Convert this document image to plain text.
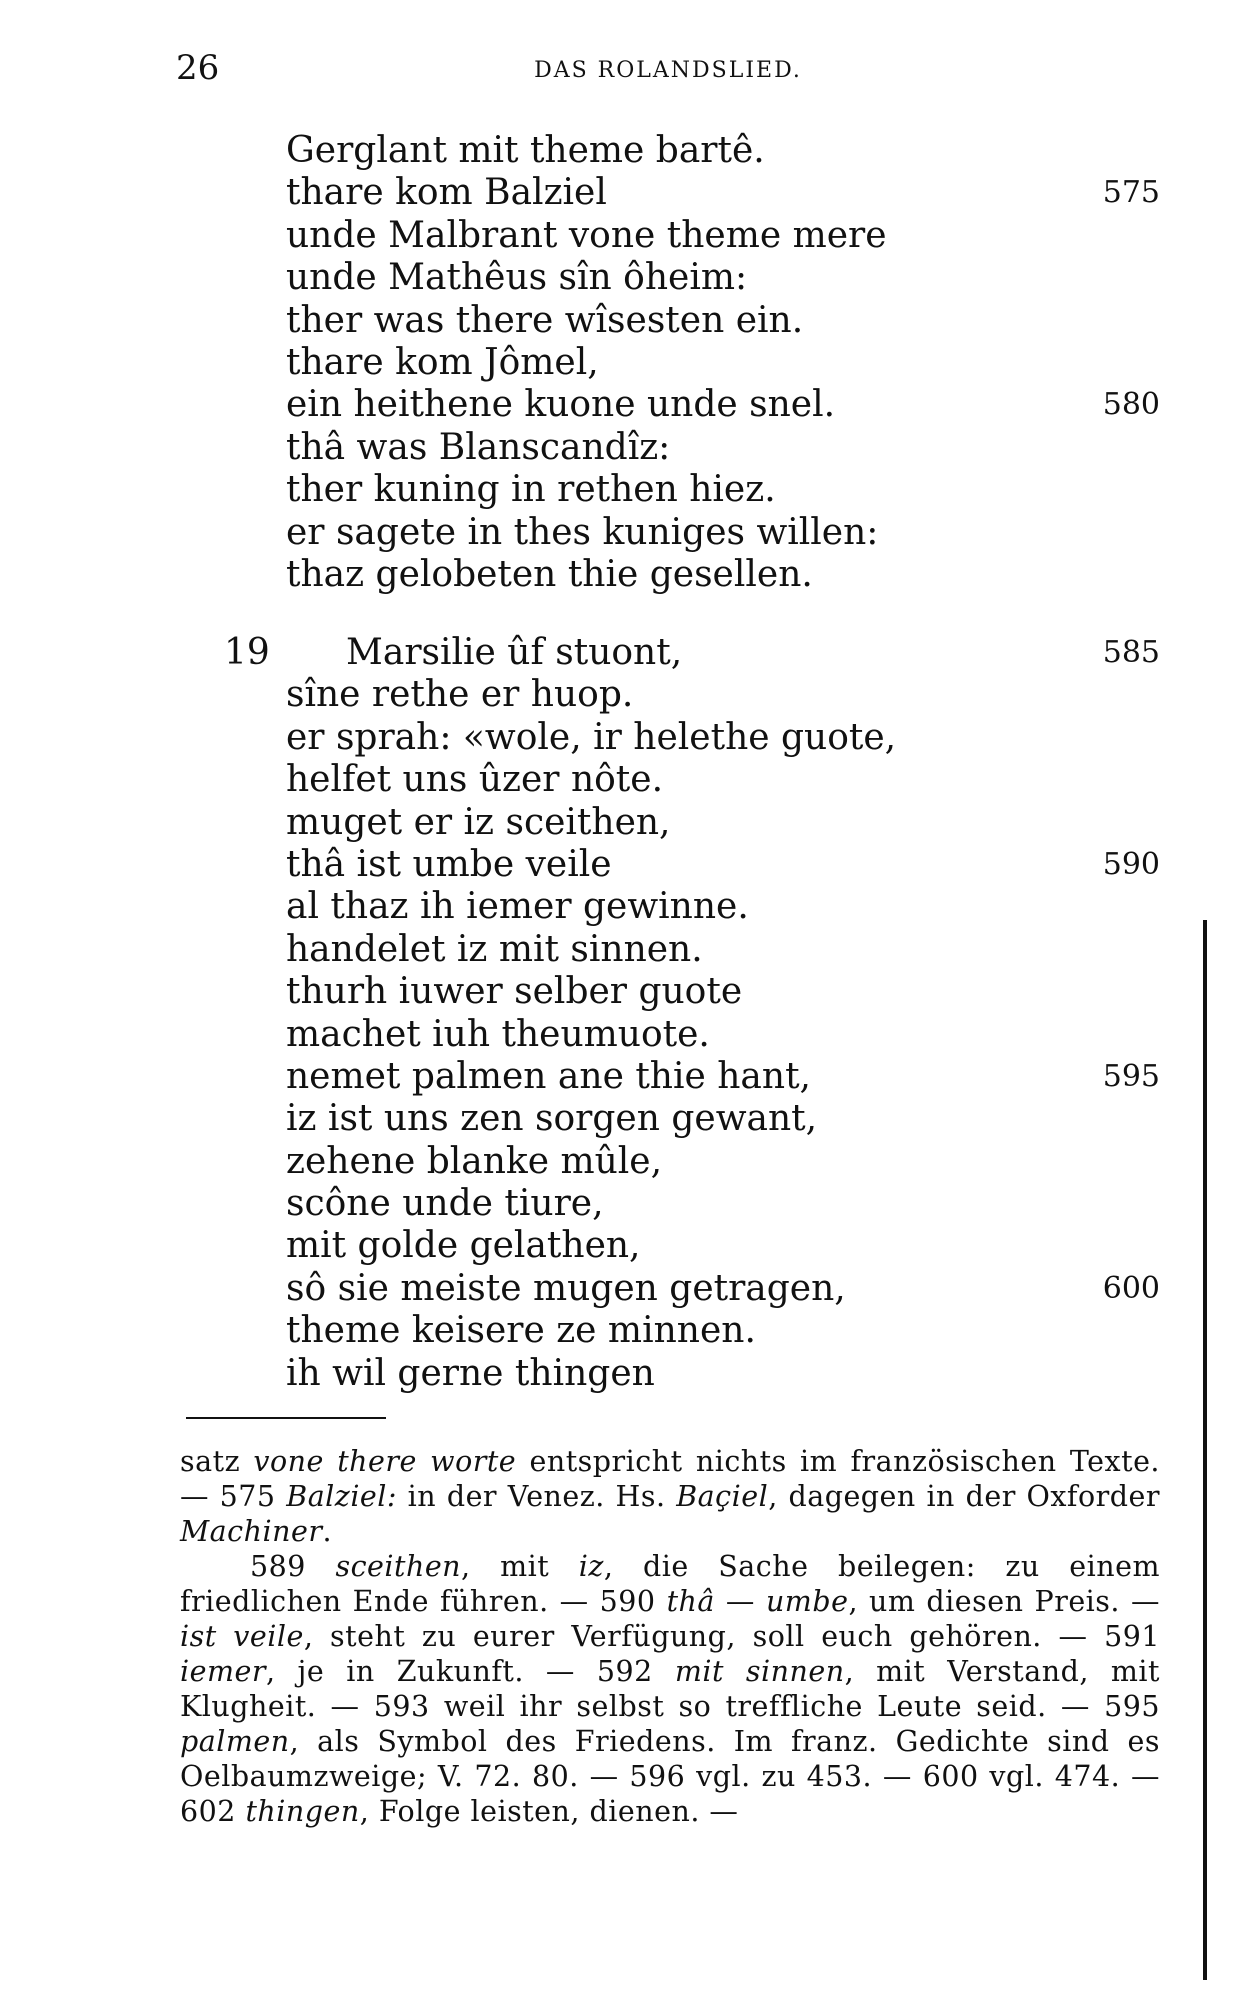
26	DAS ROLANDSLIED.
Gerglant mit theme bartê.
thare kom Balziel	575
unde Malbrant vone theme mere
unde Mathêus sîn ôheim:
ther was there wîsesten ein.
thare kom Jômel,
ein heithene kuone unde snel.	580
thâ was Blanscandîz:
ther kuning in rethen hiez.
er sagete in thes kuniges willen:
thaz gelobeten thie gesellen.
19 Marsilie ûf stuont,	585
sîne rethe er huop.
er sprah: «wole, ir helethe guote,
helfet uns ûzer nôte.
muget er iz sceithen,
thâ ist umbe veile	590
al thaz ih iemer gewinne.
handelet iz mit sinnen.
thurh iuwer selber guote
machet iuh theumuote.
nemet palmen ane thie hant,	595
iz ist uns zen sorgen gewant,
zehene blanke mûle,
scône unde tiure,
mit golde gelathen,
sô sie meiste mugen getragen,	600
theme keisere ze minnen.
ih wil gerne thingen

satz vone there worte entspricht nichts im französischen Texte. — 575 Balziel: in der Venez. Hs. Baçiel, dagegen in der Oxforder Machiner.

589 sceithen, mit iz, die Sache beilegen: zu einem friedlichen Ende führen. — 590 thâ — umbe, um diesen Preis. — ist veile, steht zu eurer Verfügung, soll euch gehören. — 591 iemer, je in Zukunft. — 592 mit sinnen, mit Verstand, mit Klugheit. — 593 weil ihr selbst so treffliche Leute seid. — 595 palmen, als Symbol des Friedens. Im franz. Gedichte sind es Oelbaumzweige; V. 72. 80. — 596 vgl. zu 453. — 600 vgl. 474. — 602 thingen, Folge leisten, dienen. —
